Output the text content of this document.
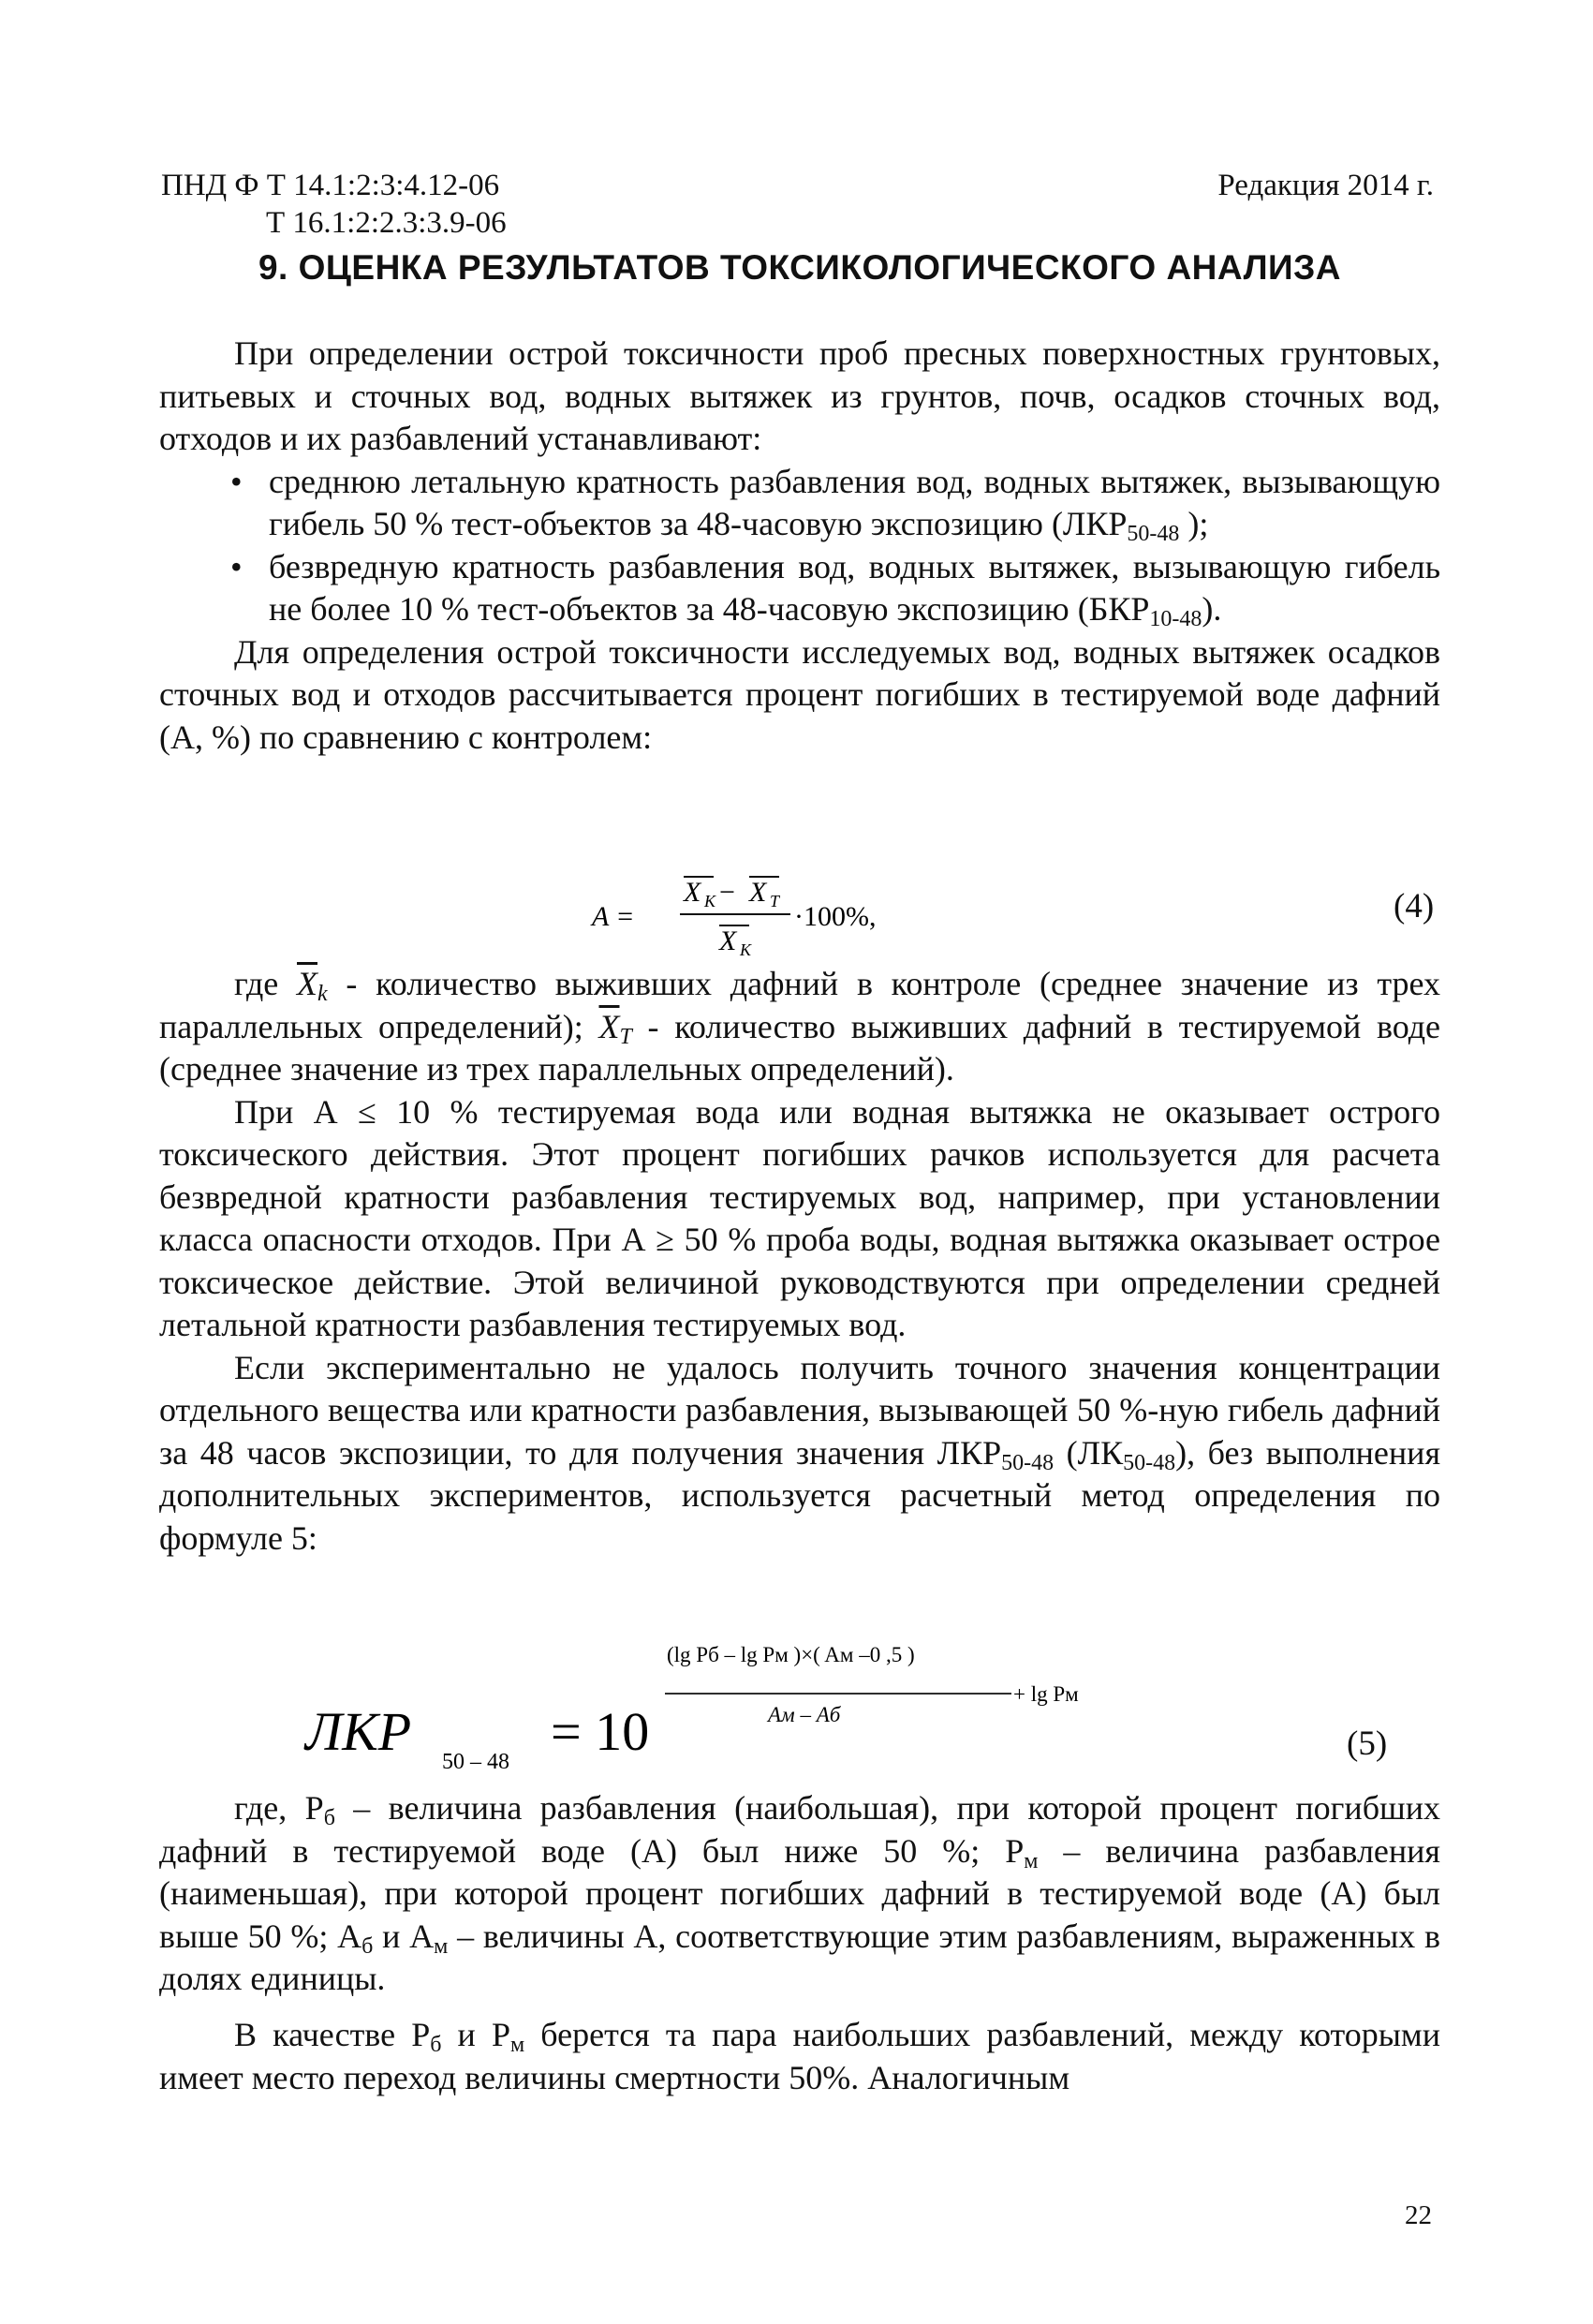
ПНД Ф Т 14.1:2:3:4.12-06
Т 16.1:2:2.3:3.9-06
Редакция 2014 г.
9. ОЦЕНКА РЕЗУЛЬТАТОВ ТОКСИКОЛОГИЧЕСКОГО АНАЛИЗА

При определении острой токсичности проб пресных поверхностных грунтовых, питьевых и сточных вод, водных вытяжек из грунтов, почв, осадков сточных вод, отходов и их разбавлений устанавливают:

• среднюю летальную кратность разбавления вод, водных вытяжек, вызывающую гибель 50 % тест-объектов за 48-часовую экспозицию ($ЛКР_{50-48}$ );
• безвредную кратность разбавления вод, водных вытяжек, вызывающую гибель не более 10 % тест-объектов за 48-часовую экспозицию $(БКР_{10-48})$.

Для определения острой токсичности исследуемых вод, водных вытяжек осадков сточных вод и отходов рассчитывается процент погибших в тестируемой воде дафний (А, %) по сравнению с контролем:

A =
X K − X T
X K
·100%,	(4)

где $\overline{X}_k$ - количество выживших дафний в контроле (среднее значение из трех параллельных определений); $\overline{X}_T$ - количество выживших дафний в тестируемой воде (среднее значение из трех параллельных определений).

При А ≤ 10 % тестируемая вода или водная вытяжка не оказывает острого токсического действия. Этот процент погибших рачков используется для расчета безвредной кратности разбавления тестируемых вод, например, при установлении класса опасности отходов. При А ≥ 50 % проба воды, водная вытяжка оказывает острое токсическое действие. Этой величиной руководствуются при определении средней летальной кратности разбавления тестируемых вод.

Если экспериментально не удалось получить точного значения концентрации отдельного вещества или кратности разбавления, вызывающей 50 %-ную гибель дафний за 48 часов экспозиции, то для получения значения $ЛКР_{50-48}$ $(ЛК_{50-48})$, без выполнения дополнительных экспериментов, используется расчетный метод определения по формуле 5:

ЛКР 50 – 48 = 10
(lg Pб – lg Pм )×( Aм –0 ,5 )
Aм – Aб
+ lg Pм
(5)

где, $Р_б$ – величина разбавления (наибольшая), при которой процент погибших дафний в тестируемой воде (А) был ниже 50 %; $Р_м$ – величина разбавления (наименьшая), при которой процент погибших дафний в тестируемой воде (А) был выше 50 %; $А_б$ и $А_м$ – величины А, соответствующие этим разбавлениям, выраженных в долях единицы.

В качестве $Р_б$ и $Р_м$ берется та пара наибольших разбавлений, между которыми имеет место переход величины смертности 50%. Аналогичным

22
